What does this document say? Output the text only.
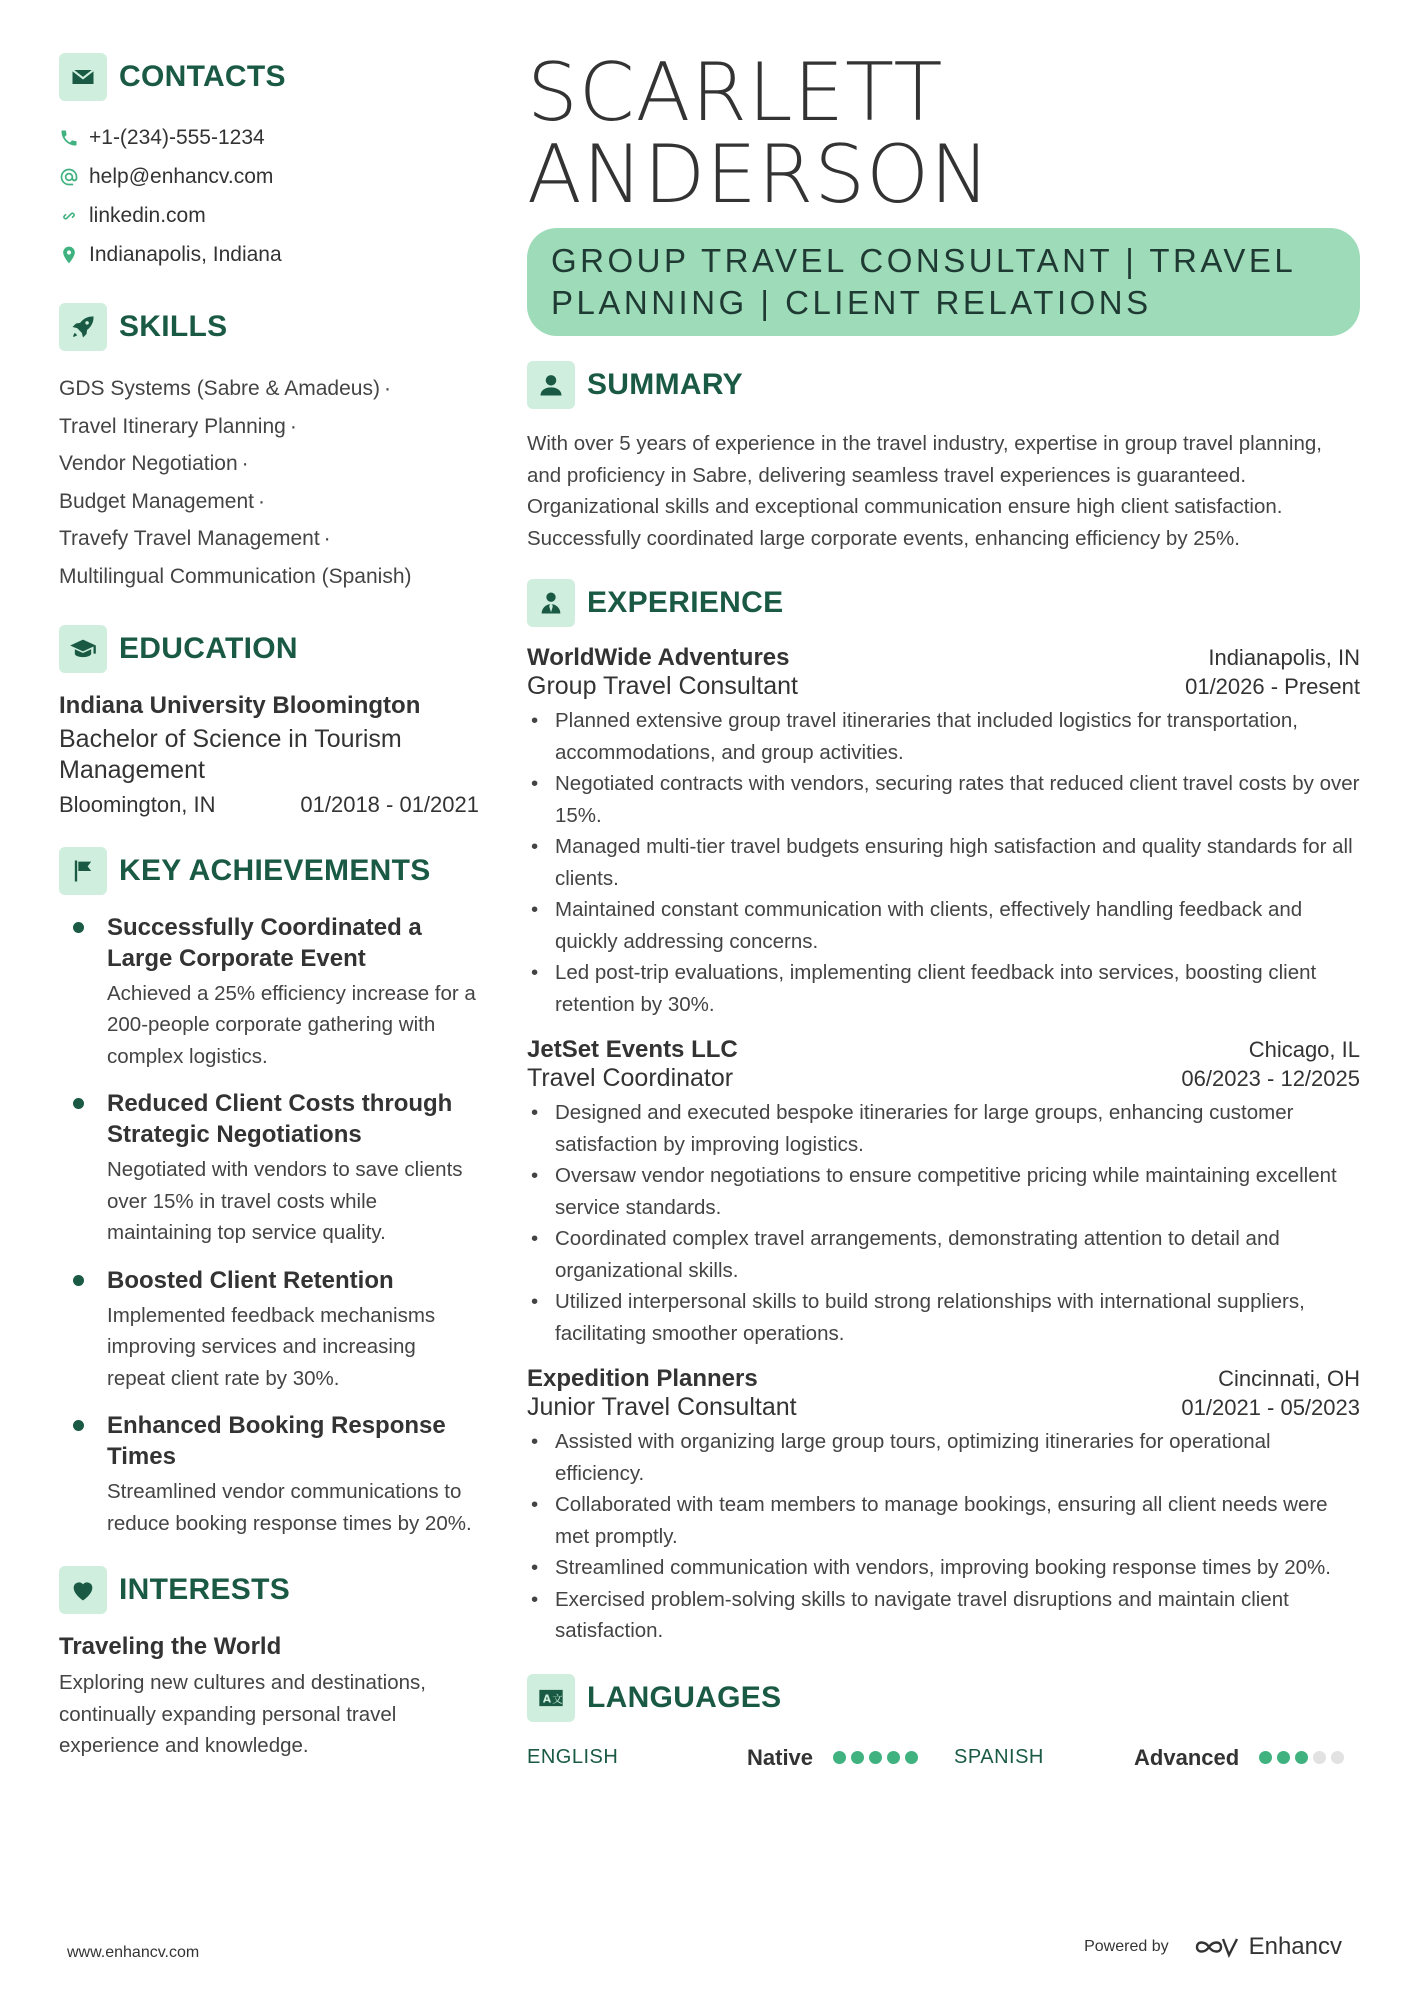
CONTACTS
+1-(234)-555-1234
help@enhancv.com
linkedin.com
Indianapolis, Indiana
SKILLS
GDS Systems (Sabre & Amadeus) ·
Travel Itinerary Planning ·
Vendor Negotiation ·
Budget Management ·
Travefy Travel Management ·
Multilingual Communication (Spanish)
EDUCATION
Indiana University Bloomington
Bachelor of Science in Tourism Management
Bloomington, IN	01/2018 - 01/2021
KEY ACHIEVEMENTS
Successfully Coordinated a Large Corporate Event
Achieved a 25% efficiency increase for a 200-people corporate gathering with complex logistics.
Reduced Client Costs through Strategic Negotiations
Negotiated with vendors to save clients over 15% in travel costs while maintaining top service quality.
Boosted Client Retention
Implemented feedback mechanisms improving services and increasing repeat client rate by 30%.
Enhanced Booking Response Times
Streamlined vendor communications to reduce booking response times by 20%.
INTERESTS
Traveling the World
Exploring new cultures and destinations, continually expanding personal travel experience and knowledge.
SCARLETT
ANDERSON
GROUP TRAVEL CONSULTANT | TRAVEL PLANNING | CLIENT RELATIONS
SUMMARY
With over 5 years of experience in the travel industry, expertise in group travel planning, and proficiency in Sabre, delivering seamless travel experiences is guaranteed. Organizational skills and exceptional communication ensure high client satisfaction. Successfully coordinated large corporate events, enhancing efficiency by 25%.
EXPERIENCE
WorldWide Adventures	Indianapolis, IN
Group Travel Consultant	01/2026 - Present
• Planned extensive group travel itineraries that included logistics for transportation, accommodations, and group activities.
• Negotiated contracts with vendors, securing rates that reduced client travel costs by over 15%.
• Managed multi-tier travel budgets ensuring high satisfaction and quality standards for all clients.
• Maintained constant communication with clients, effectively handling feedback and quickly addressing concerns.
• Led post-trip evaluations, implementing client feedback into services, boosting client retention by 30%.
JetSet Events LLC	Chicago, IL
Travel Coordinator	06/2023 - 12/2025
• Designed and executed bespoke itineraries for large groups, enhancing customer satisfaction by improving logistics.
• Oversaw vendor negotiations to ensure competitive pricing while maintaining excellent service standards.
• Coordinated complex travel arrangements, demonstrating attention to detail and organizational skills.
• Utilized interpersonal skills to build strong relationships with international suppliers, facilitating smoother operations.
Expedition Planners	Cincinnati, OH
Junior Travel Consultant	01/2021 - 05/2023
• Assisted with organizing large group tours, optimizing itineraries for operational efficiency.
• Collaborated with team members to manage bookings, ensuring all client needs were met promptly.
• Streamlined communication with vendors, improving booking response times by 20%.
• Exercised problem-solving skills to navigate travel disruptions and maintain client satisfaction.
A 文 LANGUAGES
ENGLISH	Native	SPANISH	Advanced
www.enhancv.com	Powered by	Enhancv
